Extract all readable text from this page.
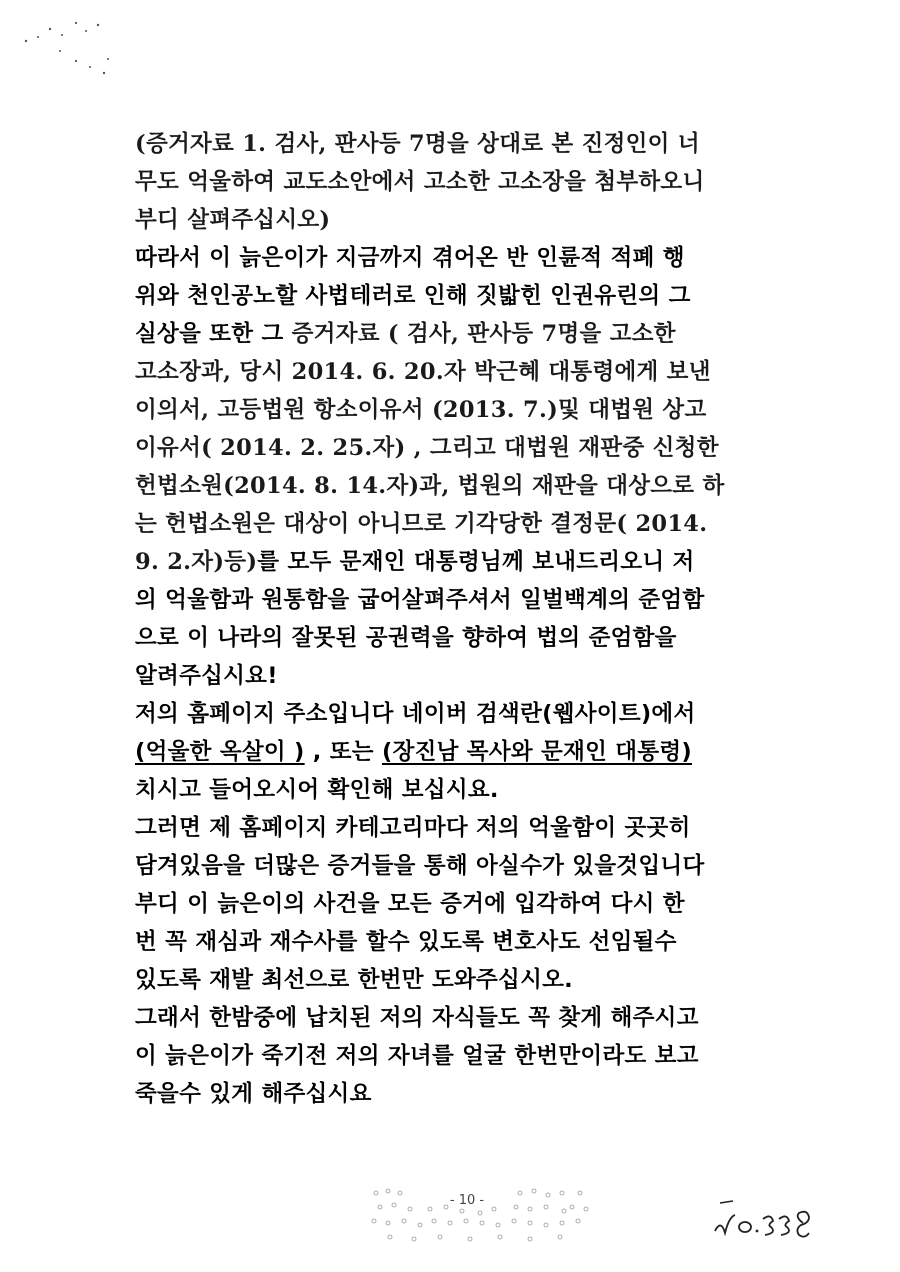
(증거자료 1. 검사, 판사등 7명을 상대로 본 진정인이 너
무도 억울하여 교도소안에서 고소한 고소장을 첨부하오니
부디 살펴주십시오)
따라서 이 늙은이가 지금까지 겪어온 반 인륜적 적폐 행
위와 천인공노할 사법테러로 인해 짓밟힌 인권유린의 그
실상을 또한 그 증거자료 ( 검사, 판사등 7명을 고소한
고소장과, 당시 2014. 6. 20.자 박근혜 대통령에게 보낸
이의서, 고등법원 항소이유서 (2013. 7.)및 대법원 상고
이유서( 2014. 2. 25.자) , 그리고 대법원 재판중 신청한
헌법소원(2014. 8. 14.자)과, 법원의 재판을 대상으로 하
는 헌법소원은 대상이 아니므로 기각당한 결정문( 2014.
9. 2.자)등)를 모두 문재인 대통령님께 보내드리오니 저
의 억울함과 원통함을 굽어살펴주셔서 일벌백계의 준엄함
으로 이 나라의 잘못된 공권력을 향하여 법의 준엄함을
알려주십시요!
저의 홈페이지 주소입니다 네이버 검색란(웹사이트)에서
(억울한 옥살이 ) , 또는 (장진남 목사와 문재인 대통령)
치시고 들어오시어 확인해 보십시요.
그러면 제 홈페이지 카테고리마다 저의 억울함이 곳곳히
담겨있음을 더많은 증거들을 통해 아실수가 있을것입니다
부디 이 늙은이의 사건을 모든 증거에 입각하여 다시 한
번 꼭 재심과 재수사를 할수 있도록 변호사도 선임될수
있도록 재발 최선으로 한번만 도와주십시오.
그래서 한밤중에 납치된 저의 자식들도 꼭 찾게 해주시고
이 늙은이가 죽기전 저의 자녀를 얼굴 한번만이라도 보고
죽을수 있게 해주십시요
- 10 -
